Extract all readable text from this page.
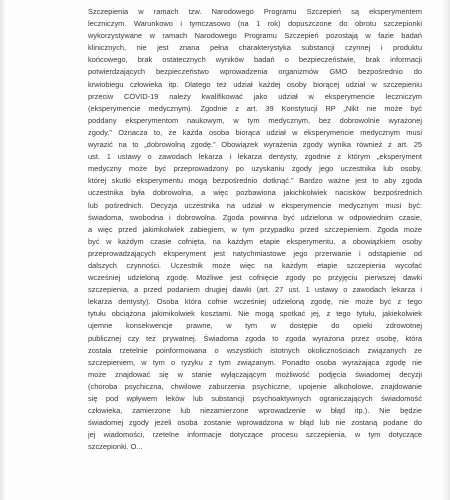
Szczepienia w ramach tzw. Narodowego Programu Szczepień są eksperymentem
leczniczym. Warunkowo i tymczasowo (na 1 rok) dopuszczone do obrotu szczepionki
wykorzystywane w ramach Narodowego Programu Szczepień pozostają w fazie badań
klinicznych, nie jest znana pełna charakterystyka substancji czynnej i produktu
końcowego, brak ostatecznych wyników badań o bezpieczeństwie, brak informacji
potwierdzających bezpieczeństwo wprowadzenia organizmów GMO bezpośrednio do
krwiobiegu człowieka itp. Dlatego też udział każdej osoby biorącej udział w szczepieniu
przeciw COVID-19 należy kwalifikować jako udział w eksperymencie leczniczym
(eksperymencie medycznym). Zgodnie z art. 39 Konstytucji RP „Nikt nie może być
poddany eksperymentom naukowym, w tym medycznym, bez dobrowolnie wyrażonej
zgody.” Oznacza to, że każda osoba biorąca udział w eksperymencie medycznym musi
wyrazić na to „dobrowolną zgodę.” Obowiązek wyrażenia zgody wynika również z art. 25
ust. 1 ustawy o zawodach lekarza i lekarza dentysty, zgodnie z którym „eksperyment
medyczny może być przeprowadzony po uzyskaniu zgody jego uczestnika lub osoby,
której skutki eksperymentu mogą bezpośrednio dotknąć.” Bardzo ważne jest to aby zgoda
uczestnika była dobrowolna, a więc pozbawiona jakichkolwiek nacisków bezpośrednich
lub pośrednich. Decyzja uczestnika na udział w eksperymencie medycznym musi być:
świadoma, swobodna i dobrowolna. Zgoda powinna być udzielona w odpowiednim czasie,
a więc przed jakimkolwiek zabiegiem, w tym przypadku przed szczepieniem. Zgoda może
być w każdym czasie cofnięta, na każdym etapie eksperymentu, a obowiązkiem osoby
przeprowadzających eksperyment jest natychmiastowe jego przerwanie i odstąpienie od
dalszych czynności. Uczestnik może więc na każdym etapie szczepienia wycofać
wcześniej udzieloną zgodę. Możliwe jest cofnięcie zgody po przyjęciu pierwszej dawki
szczepienia, a przed podaniem drugiej dawki (art. 27 ust. 1 ustawy o zawodach lekarza i
lekarza dentysty). Osoba która cofnie wcześniej udzieloną zgodę, nie może być z tego
tytułu obciążona jakimikolwiek kosztami. Nie mogą spotkać jej, z tego tytułu, jakiekolwiek
ujemne konsekwencje prawne, w tym w dostępie do opieki zdrowotnej
publicznej czy też prywatnej. Świadoma zgoda to zgoda wyrażona przez osobę, która
została rzetelnie poinformowana o wszystkich istotnych okolicznościach związanych ze
szczepieniem, w tym o ryzyku z tym związanym. Ponadto osoba wyrażająca zgodę nie
może znajdować się w stanie wyłączającym możliwość podjęcia świadomej decyzji
(choroba psychiczna, chwilowe zaburzenia psychiczne, upojenie alkoholowe, znajdowanie
się pod wpływem leków lub substancji psychoaktywnych ograniczających świadomość
człowieka, zamierzone lub niezamierzone wprowadzenie w błąd itp.). Nie będzie
świadomej zgody jeżeli osoba zostanie wprowadzona w błąd lub nie zostaną podane do
jej wiadomości, rzetelne informacje dotyczące procesu szczepienia, w tym dotyczące
szczepionki. O...
